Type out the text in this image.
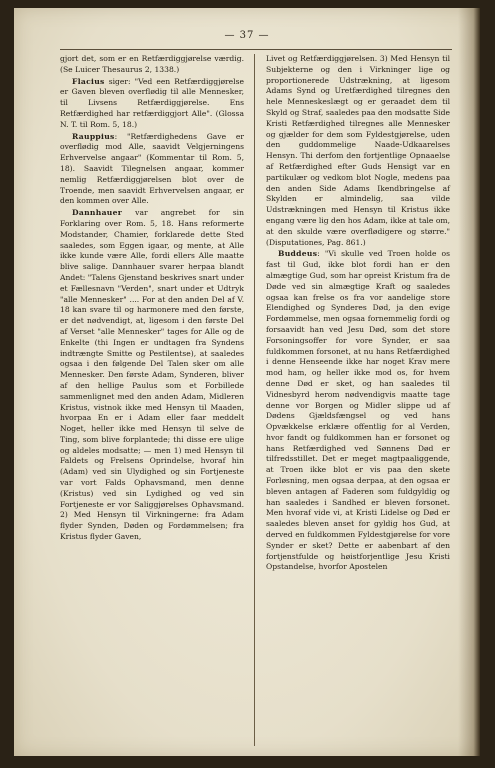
— 37 —

gjort det, som er en Retfærdiggjørelse værdig. (Se Luicer Thesaurus 2, 1338.)

Flacius siger: "Ved een Retfærdiggjørelse er Gaven bleven overflødig til alle Mennesker, til Livsens Retfærdiggjørelse. Ens Retfærdighed har retfærdiggjort Alle". (Glossa N. T. til Rom. 5, 18.)

Rauppius: "Retfærdighedens Gave er overflødig mod Alle, saavidt Velgjerningens Erhvervelse angaar" (Kommentar til Rom. 5, 18). Saavidt Tilegnelsen angaar, kommer nemlig Retfærdiggjørelsen blot over de Troende, men saavidt Erhvervelsen angaar, er den kommen over Alle.

Dannhauer var angrebet for sin Forklaring over Rom. 5, 18. Hans reformerte Modstander, Chamier, forklarede dette Sted saaledes, som Eggen igaar, og mente, at Alle ikke kunde være Alle, fordi ellers Alle maatte blive salige. Dannhauer svarer herpaa blandt Andet: "Talens Gjenstand beskrives snart under et Fællesnavn "Verden", snart under et Udtryk "alle Mennesker" .... For at den anden Del af V. 18 kan svare til og harmonere med den første, er det nødvendigt, at, ligesom i den første Del af Verset "alle Mennesker" tages for Alle og de Enkelte (thi Ingen er undtagen fra Syndens indtrængte Smitte og Pestilentse), at saaledes ogsaa i den følgende Del Talen sker om alle Mennesker. Den første Adam, Synderen, bliver af den hellige Paulus som et Forbillede sammenlignet med den anden Adam, Midleren Kristus, vistnok ikke med Hensyn til Maaden, hvorpaa En er i Adam eller faar meddelt Noget, heller ikke med Hensyn til selve de Ting, som blive forplantede; thi disse ere ulige og aldeles modsatte; — men 1) med Hensyn til Faldets og Frelsens Oprindelse, hvoraf hin (Adam) ved sin Ulydighed og sin Fortjeneste var vort Falds Ophavsmand, men denne (Kristus) ved sin Lydighed og ved sin Fortjeneste er vor Saliggjørelses Ophavsmand. 2) Med Hensyn til Virkningerne: fra Adam flyder Synden, Døden og Fordømmelsen; fra Kristus flyder Gaven,

Livet og Retfærdiggjørelsen. 3) Med Hensyn til Subjekterne og den i Virkninger lige og proportionerede Udstrækning, at ligesom Adams Synd og Uretfærdighed tilregnes den hele Menneskeslægt og er geraadet dem til Skyld og Straf, saaledes paa den modsatte Side Kristi Retfærdighed tilregnes alle Mennesker og gjælder for dem som Fyldestgjørelse, uden den guddommelige Naade-Udkaarelses Hensyn. Thi derfom den fortjentlige Opnaaelse af Retfærdighed efter Guds Hensigt var en partikulær og vedkom blot Nogle, medens paa den anden Side Adams Ikendbringelse af Skylden er almindelig, saa vilde Udstrækningen med Hensyn til Kristus ikke engang være lig den hos Adam, ikke at tale om, at den skulde være overflødigere og større." (Disputationes, Pag. 861.)

Buddeus: "Vi skulle ved Troen holde os fast til Gud, ikke blot fordi han er den almægtige Gud, som har opreist Kristum fra de Døde ved sin almægtige Kraft og saaledes ogsaa kan frelse os fra vor aandelige store Elendighed og Synderes Død, ja den evige Fordømmelse, men ogsaa fornemmelig fordi og forsaavidt han ved Jesu Død, som det store Forsoningsoffer for vore Synder, er saa fuldkommen forsonet, at nu hans Retfærdighed i denne Henseende ikke har noget Krav mere mod ham, og heller ikke mod os, for hvem denne Død er sket, og han saaledes til Vidnesbyrd herom nødvendigvis maatte tage denne vor Borgen og Midler slippe ud af Dødens Gjældsfængsel og ved hans Opvækkelse erklære offentlig for al Verden, hvor fandt og fuldkommen han er forsonet og hans Retfærdighed ved Sønnens Død er tilfredsstillet. Det er meget magtpaaliggende, at Troen ikke blot er vis paa den skete Forløsning, men ogsaa derpaa, at den ogsaa er bleven antagen af Faderen som fuldgyldig og han saaledes i Sandhed er bleven forsonet. Men hvoraf vide vi, at Kristi Lidelse og Død er saaledes bleven anset for gyldig hos Gud, at derved en fuldkommen Fyldestgjørelse for vore Synder er sket? Dette er aabenbart af den fortjenstfulde og høistforjentlige Jesu Kristi Opstandelse, hvorfor Apostelen
